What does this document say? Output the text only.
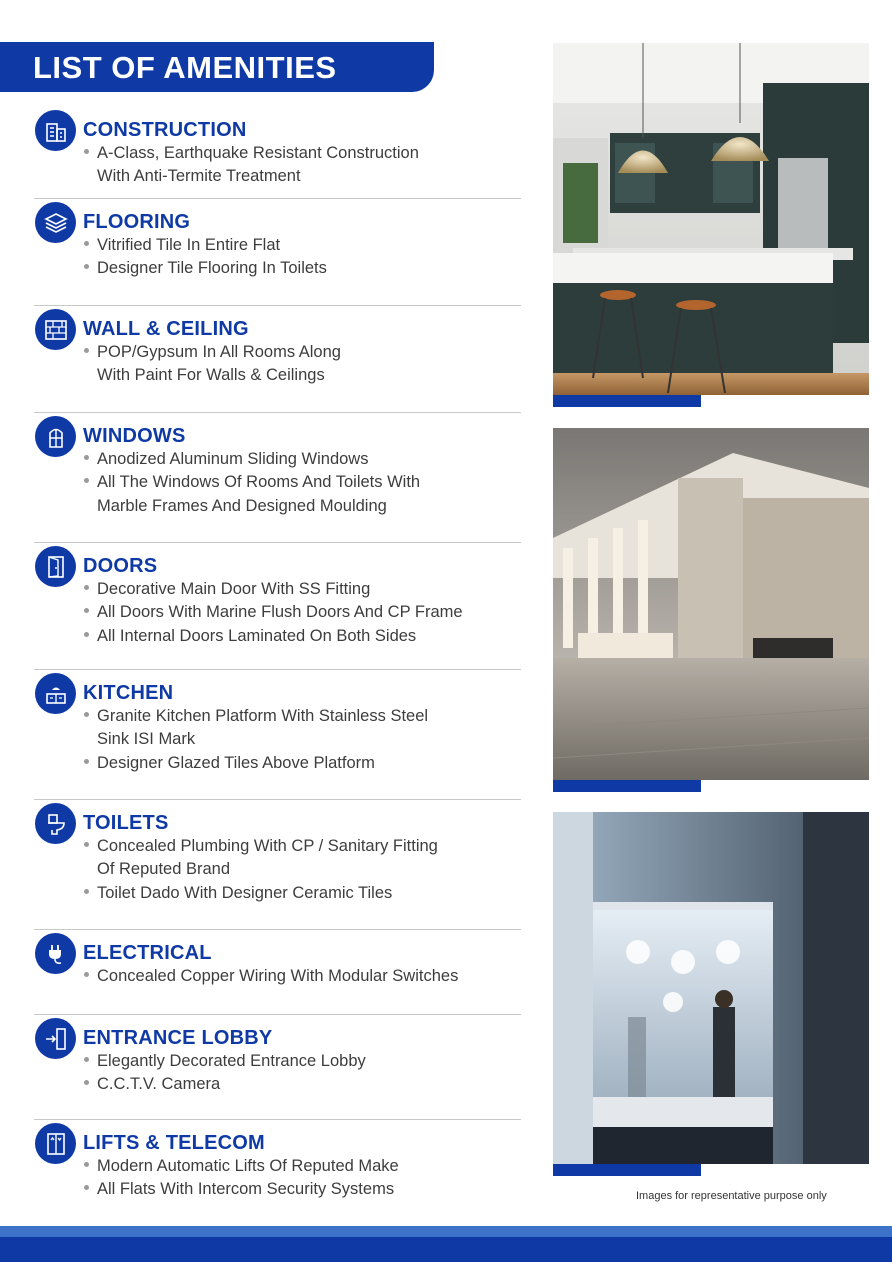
LIST OF AMENITIES
CONSTRUCTION
A-Class, Earthquake Resistant Construction
With Anti-Termite Treatment
FLOORING
Vitrified Tile In Entire Flat
Designer Tile Flooring In Toilets
WALL & CEILING
POP/Gypsum In All Rooms Along
With Paint For Walls & Ceilings
WINDOWS
Anodized Aluminum Sliding Windows
All The Windows Of Rooms And Toilets With
Marble Frames And Designed Moulding
DOORS
Decorative Main Door With SS Fitting
All Doors With Marine Flush Doors And CP Frame
All Internal Doors Laminated On Both Sides
KITCHEN
Granite Kitchen Platform With Stainless Steel
Sink ISI Mark
Designer Glazed Tiles Above Platform
TOILETS
Concealed Plumbing With CP / Sanitary Fitting
Of Reputed Brand
Toilet Dado With Designer Ceramic Tiles
ELECTRICAL
Concealed Copper Wiring With Modular Switches
ENTRANCE LOBBY
Elegantly Decorated Entrance Lobby
C.C.T.V. Camera
LIFTS & TELECOM
Modern Automatic Lifts Of Reputed Make
All Flats With Intercom Security Systems	Images for representative purpose only
